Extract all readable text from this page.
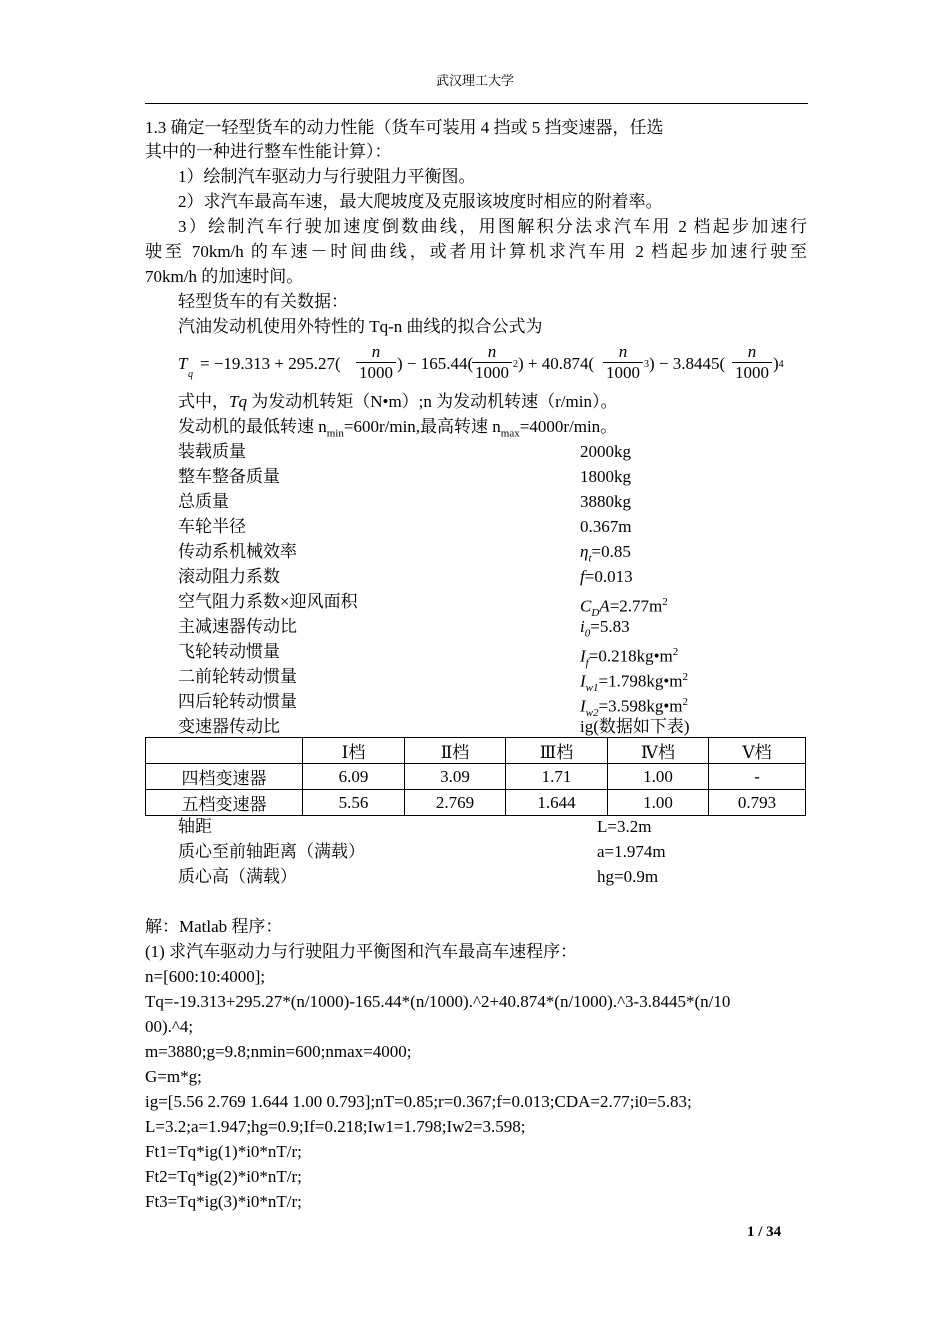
武汉理工大学
1.3 确定一轻型货车的动力性能（货车可装用 4 挡或 5 挡变速器，任选
其中的一种进行整车性能计算）：
1）绘制汽车驱动力与行驶阻力平衡图。
2）求汽车最高车速，最大爬坡度及克服该坡度时相应的附着率。
3）绘制汽车行驶加速度倒数曲线，用图解积分法求汽车用 2 档起步加速行
驶至 70km/h 的车速－时间曲线，或者用计算机求汽车用 2 档起步加速行驶至
70km/h 的加速时间。
轻型货车的有关数据：
汽油发动机使用外特性的 Tq-n 曲线的拟合公式为
T
q
= $-19.313 + 295.27( \frac{n}{1000}$ ) − 165.44(
$\frac{n}{1000} 2) + 40.874( \frac{n}{1000} 3) - 3.8445( \frac{n}{1000} )4$
式中，Tq 为发动机转矩（N•m）;n 为发动机转速（r/min）。
发动机的最低转速 $n_{min}=600r/\min$,最高转速 $n_{max}=4000r/\min$。
装载质量	2000kg
整车整备质量	1800kg
总质量	3880kg
车轮半径	0.367m
传动系机械效率	$\eta_t=0.85$
滚动阻力系数	f=0.013
空气阻力系数×迎风面积	$C_DA=2.77m^2$
主减速器传动比	$i_0=5.83$
飞轮转动惯量	$I_f=0.218kg•m^2$
二前轮转动惯量	$I_{w1}=1.798kg•m^2$
四后轮转动惯量	$I_{w2}=3.598kg•m^2$
变速器传动比	ig(数据如下表)
	Ⅰ档	Ⅱ档	Ⅲ档	Ⅳ档	Ⅴ档
四档变速器	6.09	3.09	1.71	1.00	-
五档变速器	5.56	2.769	1.644	1.00	0.793
轴距	L=3.2m
质心至前轴距离（满载）	a=1.974m
质心高（满载）	hg=0.9m
解：Matlab 程序：
(1) 求汽车驱动力与行驶阻力平衡图和汽车最高车速程序：
n=[600:10:4000];
Tq=-19.313+295.27*(n/1000)-165.44*(n/1000).^2+40.874*(n/1000).^3-3.8445*(n/10
00).^4;
m=3880;g=9.8;nmin=600;nmax=4000;
G=m*g;
ig=[5.56 2.769 1.644 1.00 0.793];nT=0.85;r=0.367;f=0.013;CDA=2.77;i0=5.83;
L=3.2;a=1.947;hg=0.9;If=0.218;Iw1=1.798;Iw2=3.598;
Ft1=Tq*ig(1)*i0*nT/r;
Ft2=Tq*ig(2)*i0*nT/r;
Ft3=Tq*ig(3)*i0*nT/r;
1 / 34
